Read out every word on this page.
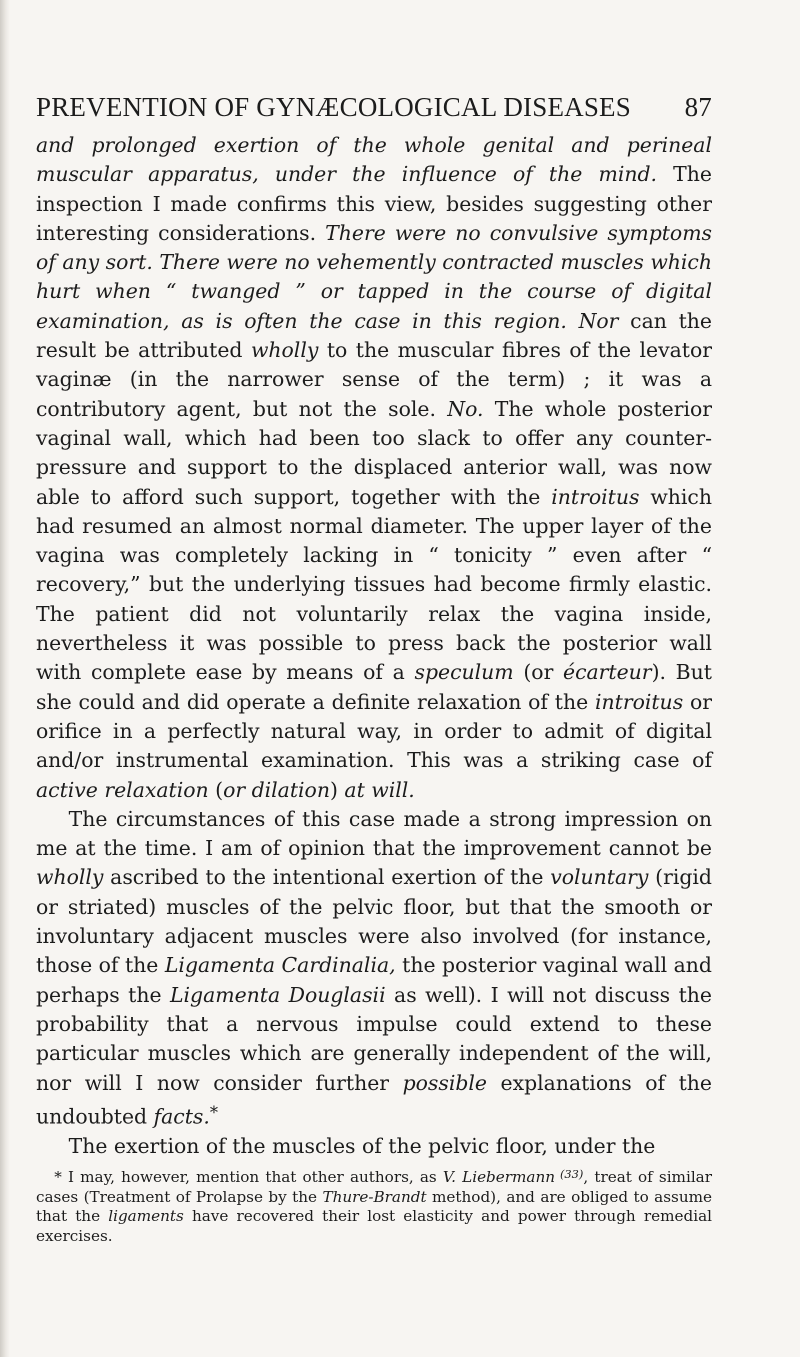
PREVENTION OF GYNÆCOLOGICAL DISEASES 87

and prolonged exertion of the whole genital and perineal muscular apparatus, under the influence of the mind. The inspection I made confirms this view, besides suggesting other interesting considerations. There were no convulsive symptoms of any sort. There were no vehemently contracted muscles which hurt when “ twanged ” or tapped in the course of digital examination, as is often the case in this region. Nor can the result be attributed wholly to the muscular fibres of the levator vaginæ (in the narrower sense of the term) ; it was a contributory agent, but not the sole. No. The whole posterior vaginal wall, which had been too slack to offer any counter-pressure and support to the displaced anterior wall, was now able to afford such support, together with the introitus which had resumed an almost normal diameter. The upper layer of the vagina was completely lacking in “ tonicity ” even after “ recovery,” but the underlying tissues had become firmly elastic. The patient did not voluntarily relax the vagina inside, nevertheless it was possible to press back the posterior wall with complete ease by means of a speculum (or écarteur). But she could and did operate a definite relaxation of the introitus or orifice in a perfectly natural way, in order to admit of digital and/or instrumental examination. This was a striking case of active relaxation (or dilation) at will.

The circumstances of this case made a strong impression on me at the time. I am of opinion that the improvement cannot be wholly ascribed to the intentional exertion of the voluntary (rigid or striated) muscles of the pelvic floor, but that the smooth or involuntary adjacent muscles were also involved (for instance, those of the Ligamenta Cardinalia, the posterior vaginal wall and perhaps the Ligamenta Douglasii as well). I will not discuss the probability that a nervous impulse could extend to these particular muscles which are generally independent of the will, nor will I now consider further possible explanations of the undoubted facts.*

The exertion of the muscles of the pelvic floor, under the

* I may, however, mention that other authors, as V. Liebermann $^{(33)}$, treat of similar cases (Treatment of Prolapse by the Thure-Brandt method), and are obliged to assume that the ligaments have recovered their lost elasticity and power through remedial exercises.
